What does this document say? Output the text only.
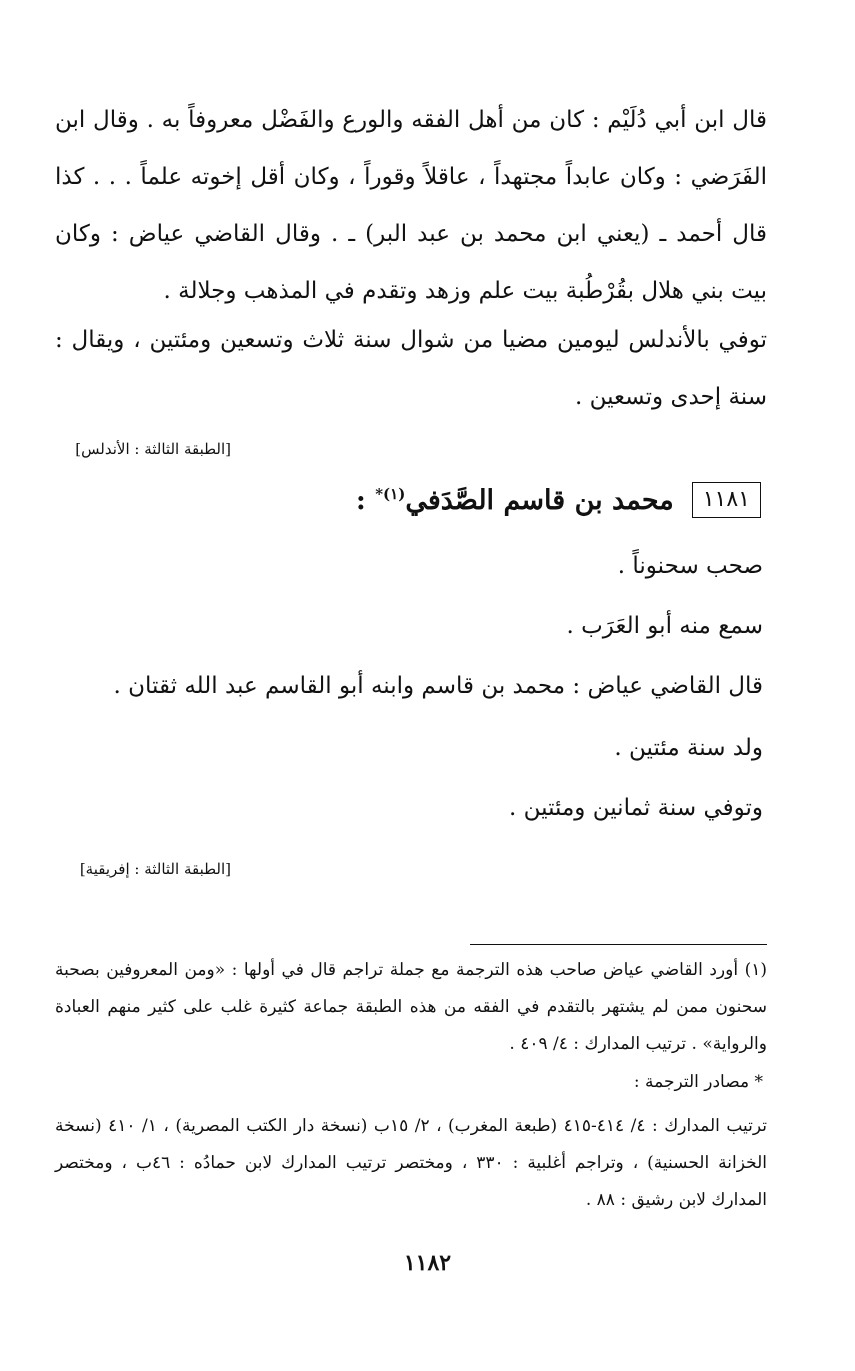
قال ابن أبي دُلَيْم : كان من أهل الفقه والورع والفَضْل معروفاً به . وقال ابن الفَرَضي : وكان عابداً مجتهداً ، عاقلاً وقوراً ، وكان أقل إخوته علماً . . . كذا قال أحمد ـ (يعني ابن محمد بن عبد البر) ـ . وقال القاضي عياض : وكان بيت بني هلال بقُرْطُبة بيت علم وزهد وتقدم في المذهب وجلالة .
توفي بالأندلس ليومين مضيا من شوال سنة ثلاث وتسعين ومئتين ، ويقال : سنة إحدى وتسعين .
[الطبقة الثالثة : الأندلس]
١١٨١
محمد بن قاسم الصَّدَفي$^{(١)*}$ :
صحب سحنوناً .
سمع منه أبو العَرَب .
قال القاضي عياض : محمد بن قاسم وابنه أبو القاسم عبد الله ثقتان .
ولد سنة مئتين .
وتوفي سنة ثمانين ومئتين .
[الطبقة الثالثة : إفريقية]
(١) أورد القاضي عياض صاحب هذه الترجمة مع جملة تراجم قال في أولها : «ومن المعروفين بصحبة سحنون ممن لم يشتهر بالتقدم في الفقه من هذه الطبقة جماعة كثيرة غلب على كثير منهم العبادة والرواية» . ترتيب المدارك : ٤/ ٤٠٩ .
* مصادر الترجمة :
ترتيب المدارك : ٤/ ٤١٤-٤١٥ (طبعة المغرب) ، ٢/ ١٥ب (نسخة دار الكتب المصرية) ، ١/ ٤١٠ (نسخة الخزانة الحسنية) ، وتراجم أغلبية : ٣٣٠ ، ومختصر ترتيب المدارك لابن حمادُه : ٤٦ب ، ومختصر المدارك لابن رشيق : ٨٨ .
١١٨٢
